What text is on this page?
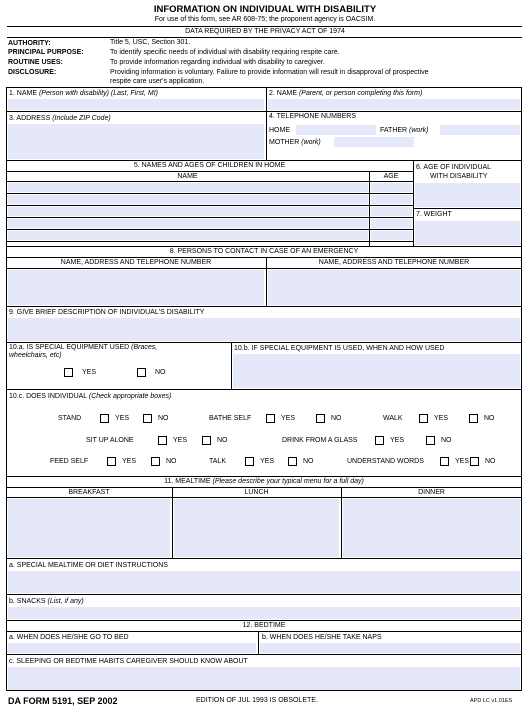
INFORMATION ON INDIVIDUAL WITH DISABILITY
For use of this form, see AR 608-75; the proponent agency is OACSIM.
DATA REQUIRED BY THE PRIVACY ACT OF 1974
AUTHORITY:	Title 5, USC, Section 301.
PRINCIPAL PURPOSE:	To identify specific needs of individual with disability requiring respite care.
ROUTINE USES:	To provide information regarding individual with disability to caregiver.
DISCLOSURE:	Providing information is voluntary. Failure to provide information will result in disapproval of prospective
respite care user's application.
1. NAME (Person with disability) (Last, First, MI)	2. NAME (Parent, or person completing this form)
3. ADDRESS (Include ZIP Code)	4. TELEPHONE NUMBERS
HOME	FATHER (work)
MOTHER (work)
5. NAMES AND AGES OF CHILDREN IN HOME
NAME	AGE
6. AGE OF INDIVIDUAL
WITH DISABILITY
7. WEIGHT
8. PERSONS TO CONTACT IN CASE OF AN EMERGENCY
NAME, ADDRESS AND TELEPHONE NUMBER	NAME, ADDRESS AND TELEPHONE NUMBER
9. GIVE BRIEF DESCRIPTION OF INDIVIDUAL'S DISABILITY
10.a. IS SPECIAL EQUIPMENT USED (Braces,
wheelchairs, etc)
YES	NO
10.b. IF SPECIAL EQUIPMENT IS USED, WHEN AND HOW USED
10.c. DOES INDIVIDUAL (Check appropriate boxes)
STAND	YES	NO	BATHE SELF	YES	NO	WALK	YES	NO
SIT UP ALONE	YES	NO	DRINK FROM A GLASS	YES	NO
FEED SELF	YES	NO	TALK	YES	NO	UNDERSTAND WORDS	YES NO
11. MEALTIME (Please describe your typical menu for a full day)
BREAKFAST	LUNCH	DINNER
a. SPECIAL MEALTIME OR DIET INSTRUCTIONS
b. SNACKS (List, if any)
12. BEDTIME
a. WHEN DOES HE/SHE GO TO BED	b. WHEN DOES HE/SHE TAKE NAPS
c. SLEEPING OR BEDTIME HABITS CAREGIVER SHOULD KNOW ABOUT
DA FORM 5191, SEP 2002	EDITION OF JUL 1993 IS OBSOLETE.	APD LC v1.01ES
